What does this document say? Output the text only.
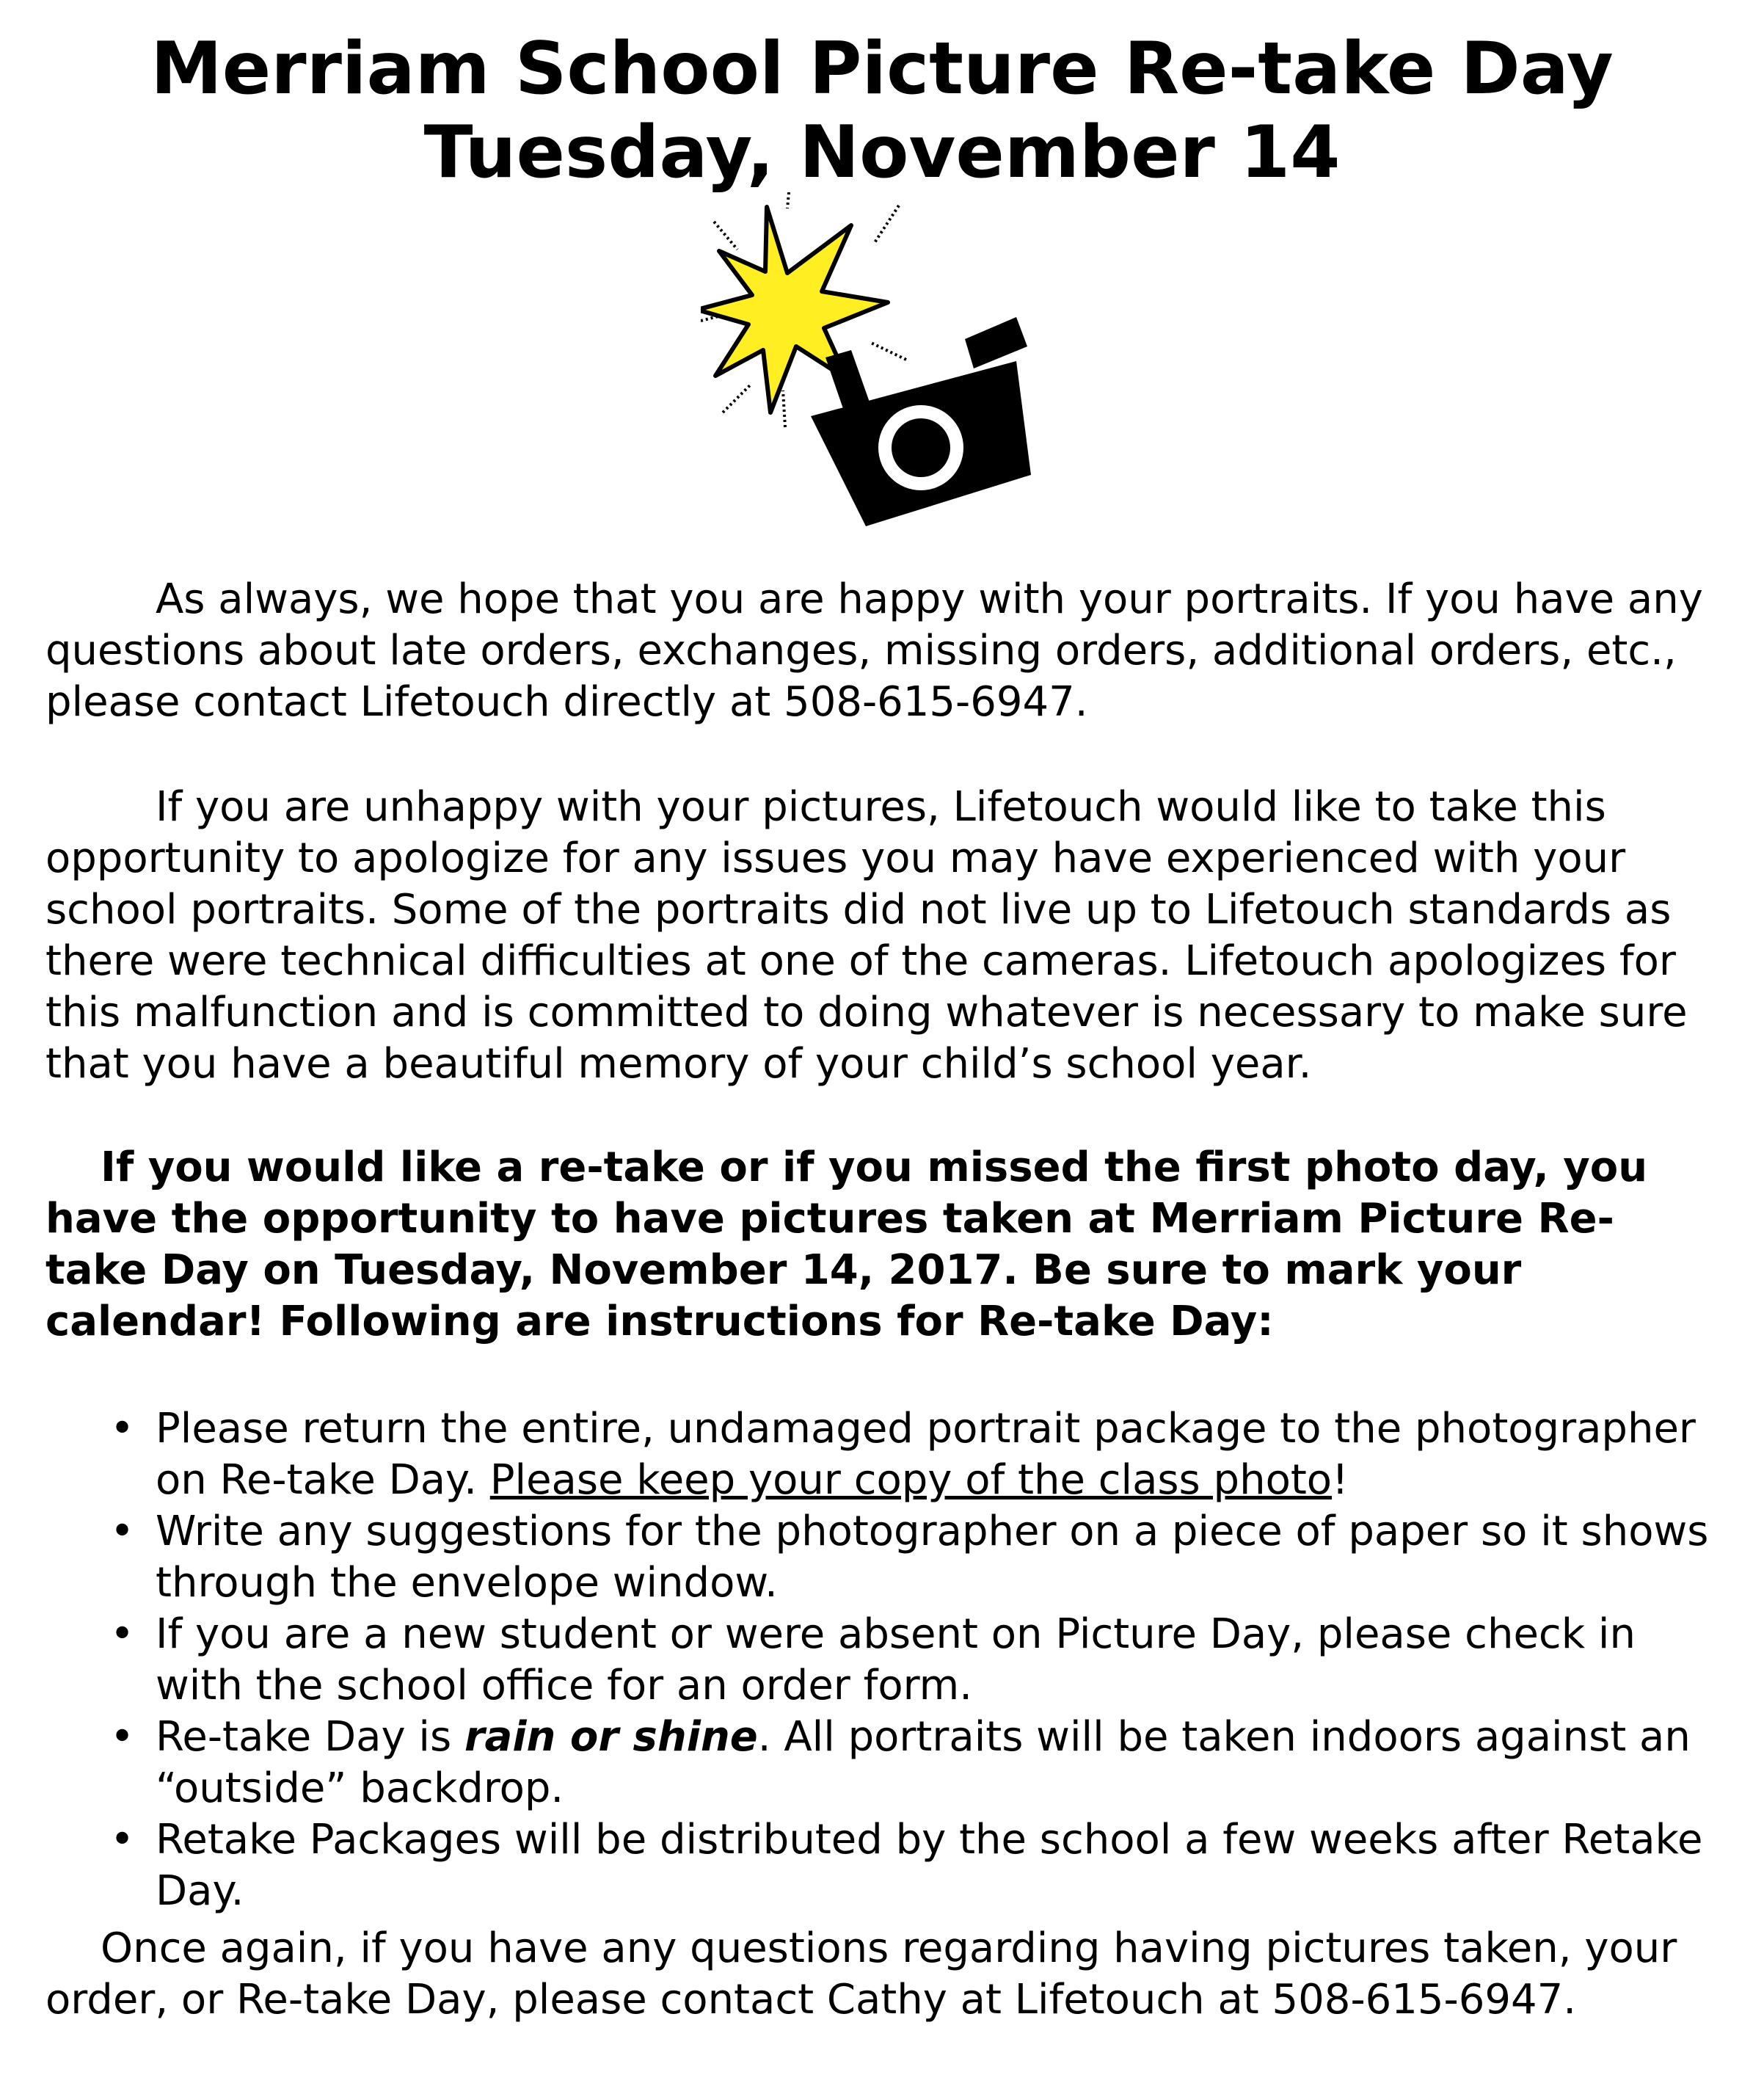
Merriam School Picture Re-take Day
Tuesday, November 14

As always, we hope that you are happy with your portraits. If you have any questions about late orders, exchanges, missing orders, additional orders, etc., please contact Lifetouch directly at 508-615-6947.

If you are unhappy with your pictures, Lifetouch would like to take this opportunity to apologize for any issues you may have experienced with your school portraits. Some of the portraits did not live up to Lifetouch standards as there were technical difficulties at one of the cameras. Lifetouch apologizes for this malfunction and is committed to doing whatever is necessary to make sure that you have a beautiful memory of your child’s school year.

If you would like a re-take or if you missed the first photo day, you have the opportunity to have pictures taken at Merriam Picture Re-take Day on Tuesday, November 14, 2017. Be sure to mark your calendar! Following are instructions for Re-take Day:

• Please return the entire, undamaged portrait package to the photographer on Re-take Day. Please keep your copy of the class photo!
• Write any suggestions for the photographer on a piece of paper so it shows through the envelope window.
• If you are a new student or were absent on Picture Day, please check in with the school office for an order form.
• Re-take Day is rain or shine. All portraits will be taken indoors against an “outside” backdrop.
• Retake Packages will be distributed by the school a few weeks after Retake Day.

Once again, if you have any questions regarding having pictures taken, your order, or Re-take Day, please contact Cathy at Lifetouch at 508-615-6947.
